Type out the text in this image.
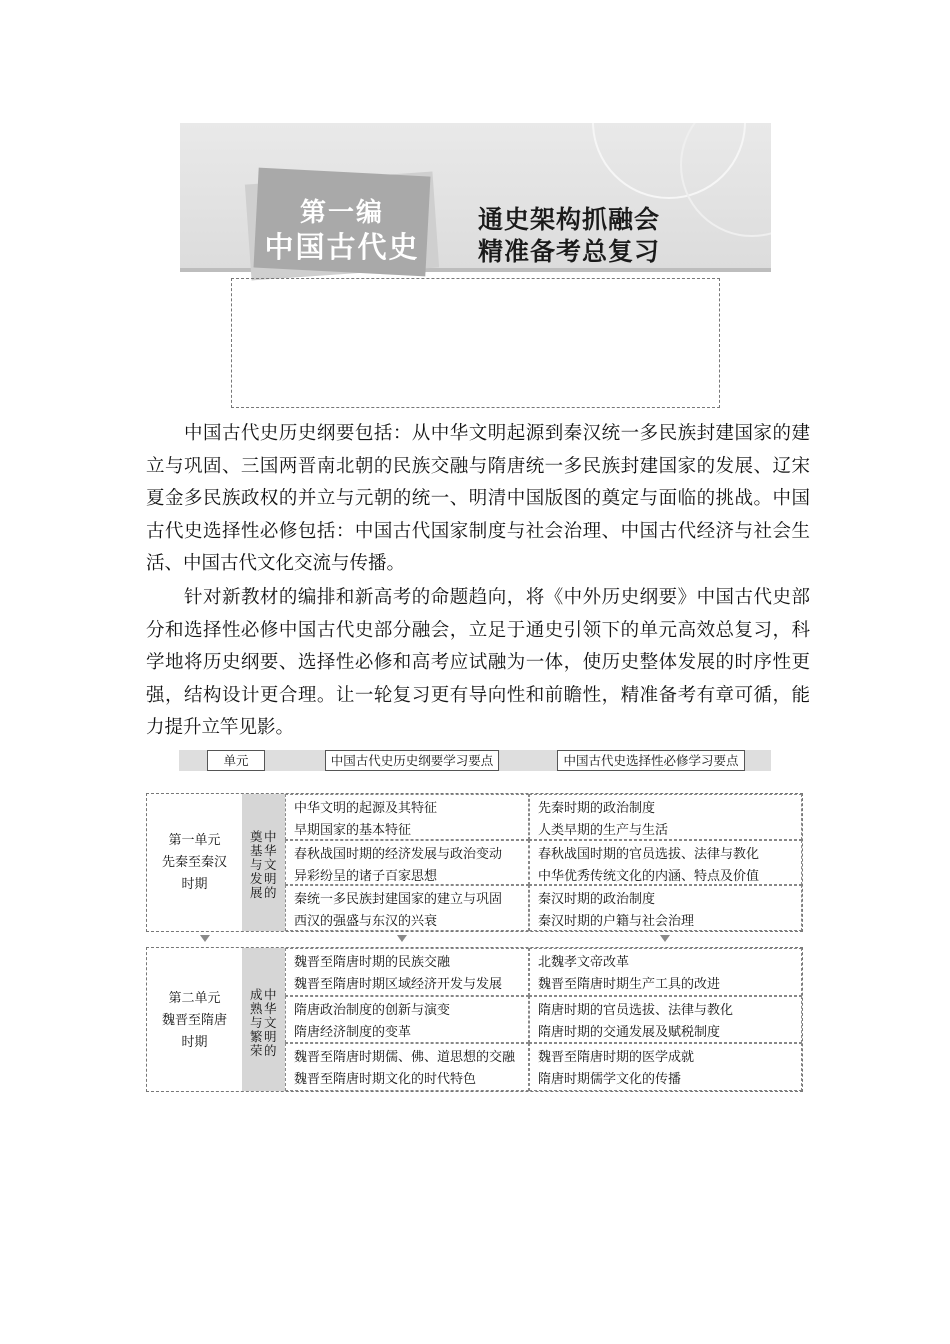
第一编
中国古代史
通史架构抓融会
精准备考总复习
中国古代史历史纲要包括：从中华文明起源到秦汉统一多民族封建国家的建立与巩固、三国两晋南北朝的民族交融与隋唐统一多民族封建国家的发展、辽宋夏金多民族政权的并立与元朝的统一、明清中国版图的奠定与面临的挑战。中国古代史选择性必修包括：中国古代国家制度与社会治理、中国古代经济与社会生活、中国古代文化交流与传播。
针对新教材的编排和新高考的命题趋向，将《中外历史纲要》中国古代史部分和选择性必修中国古代史部分融会，立足于通史引领下的单元高效总复习，科学地将历史纲要、选择性必修和高考应试融为一体，使历史整体发展的时序性更强，结构设计更合理。让一轮复习更有导向性和前瞻性，精准备考有章可循，能力提升立竿见影。
单元	中国古代史历史纲要学习要点	中国古代史选择性必修学习要点
第一单元
先秦至秦汉
时期
中华文明的
奠基与发展
中华文明的起源及其特征
早期国家的基本特征
先秦时期的政治制度
人类早期的生产与生活
春秋战国时期的经济发展与政治变动
异彩纷呈的诸子百家思想
春秋战国时期的官员选拔、法律与教化
中华优秀传统文化的内涵、特点及价值
秦统一多民族封建国家的建立与巩固
西汉的强盛与东汉的兴衰
秦汉时期的政治制度
秦汉时期的户籍与社会治理
第二单元
魏晋至隋唐
时期
中华文明的
成熟与繁荣
魏晋至隋唐时期的民族交融
魏晋至隋唐时期区域经济开发与发展
北魏孝文帝改革
魏晋至隋唐时期生产工具的改进
隋唐政治制度的创新与演变
隋唐经济制度的变革
隋唐时期的官员选拔、法律与教化
隋唐时期的交通发展及赋税制度
魏晋至隋唐时期儒、佛、道思想的交融
魏晋至隋唐时期文化的时代特色
魏晋至隋唐时期的医学成就
隋唐时期儒学文化的传播
